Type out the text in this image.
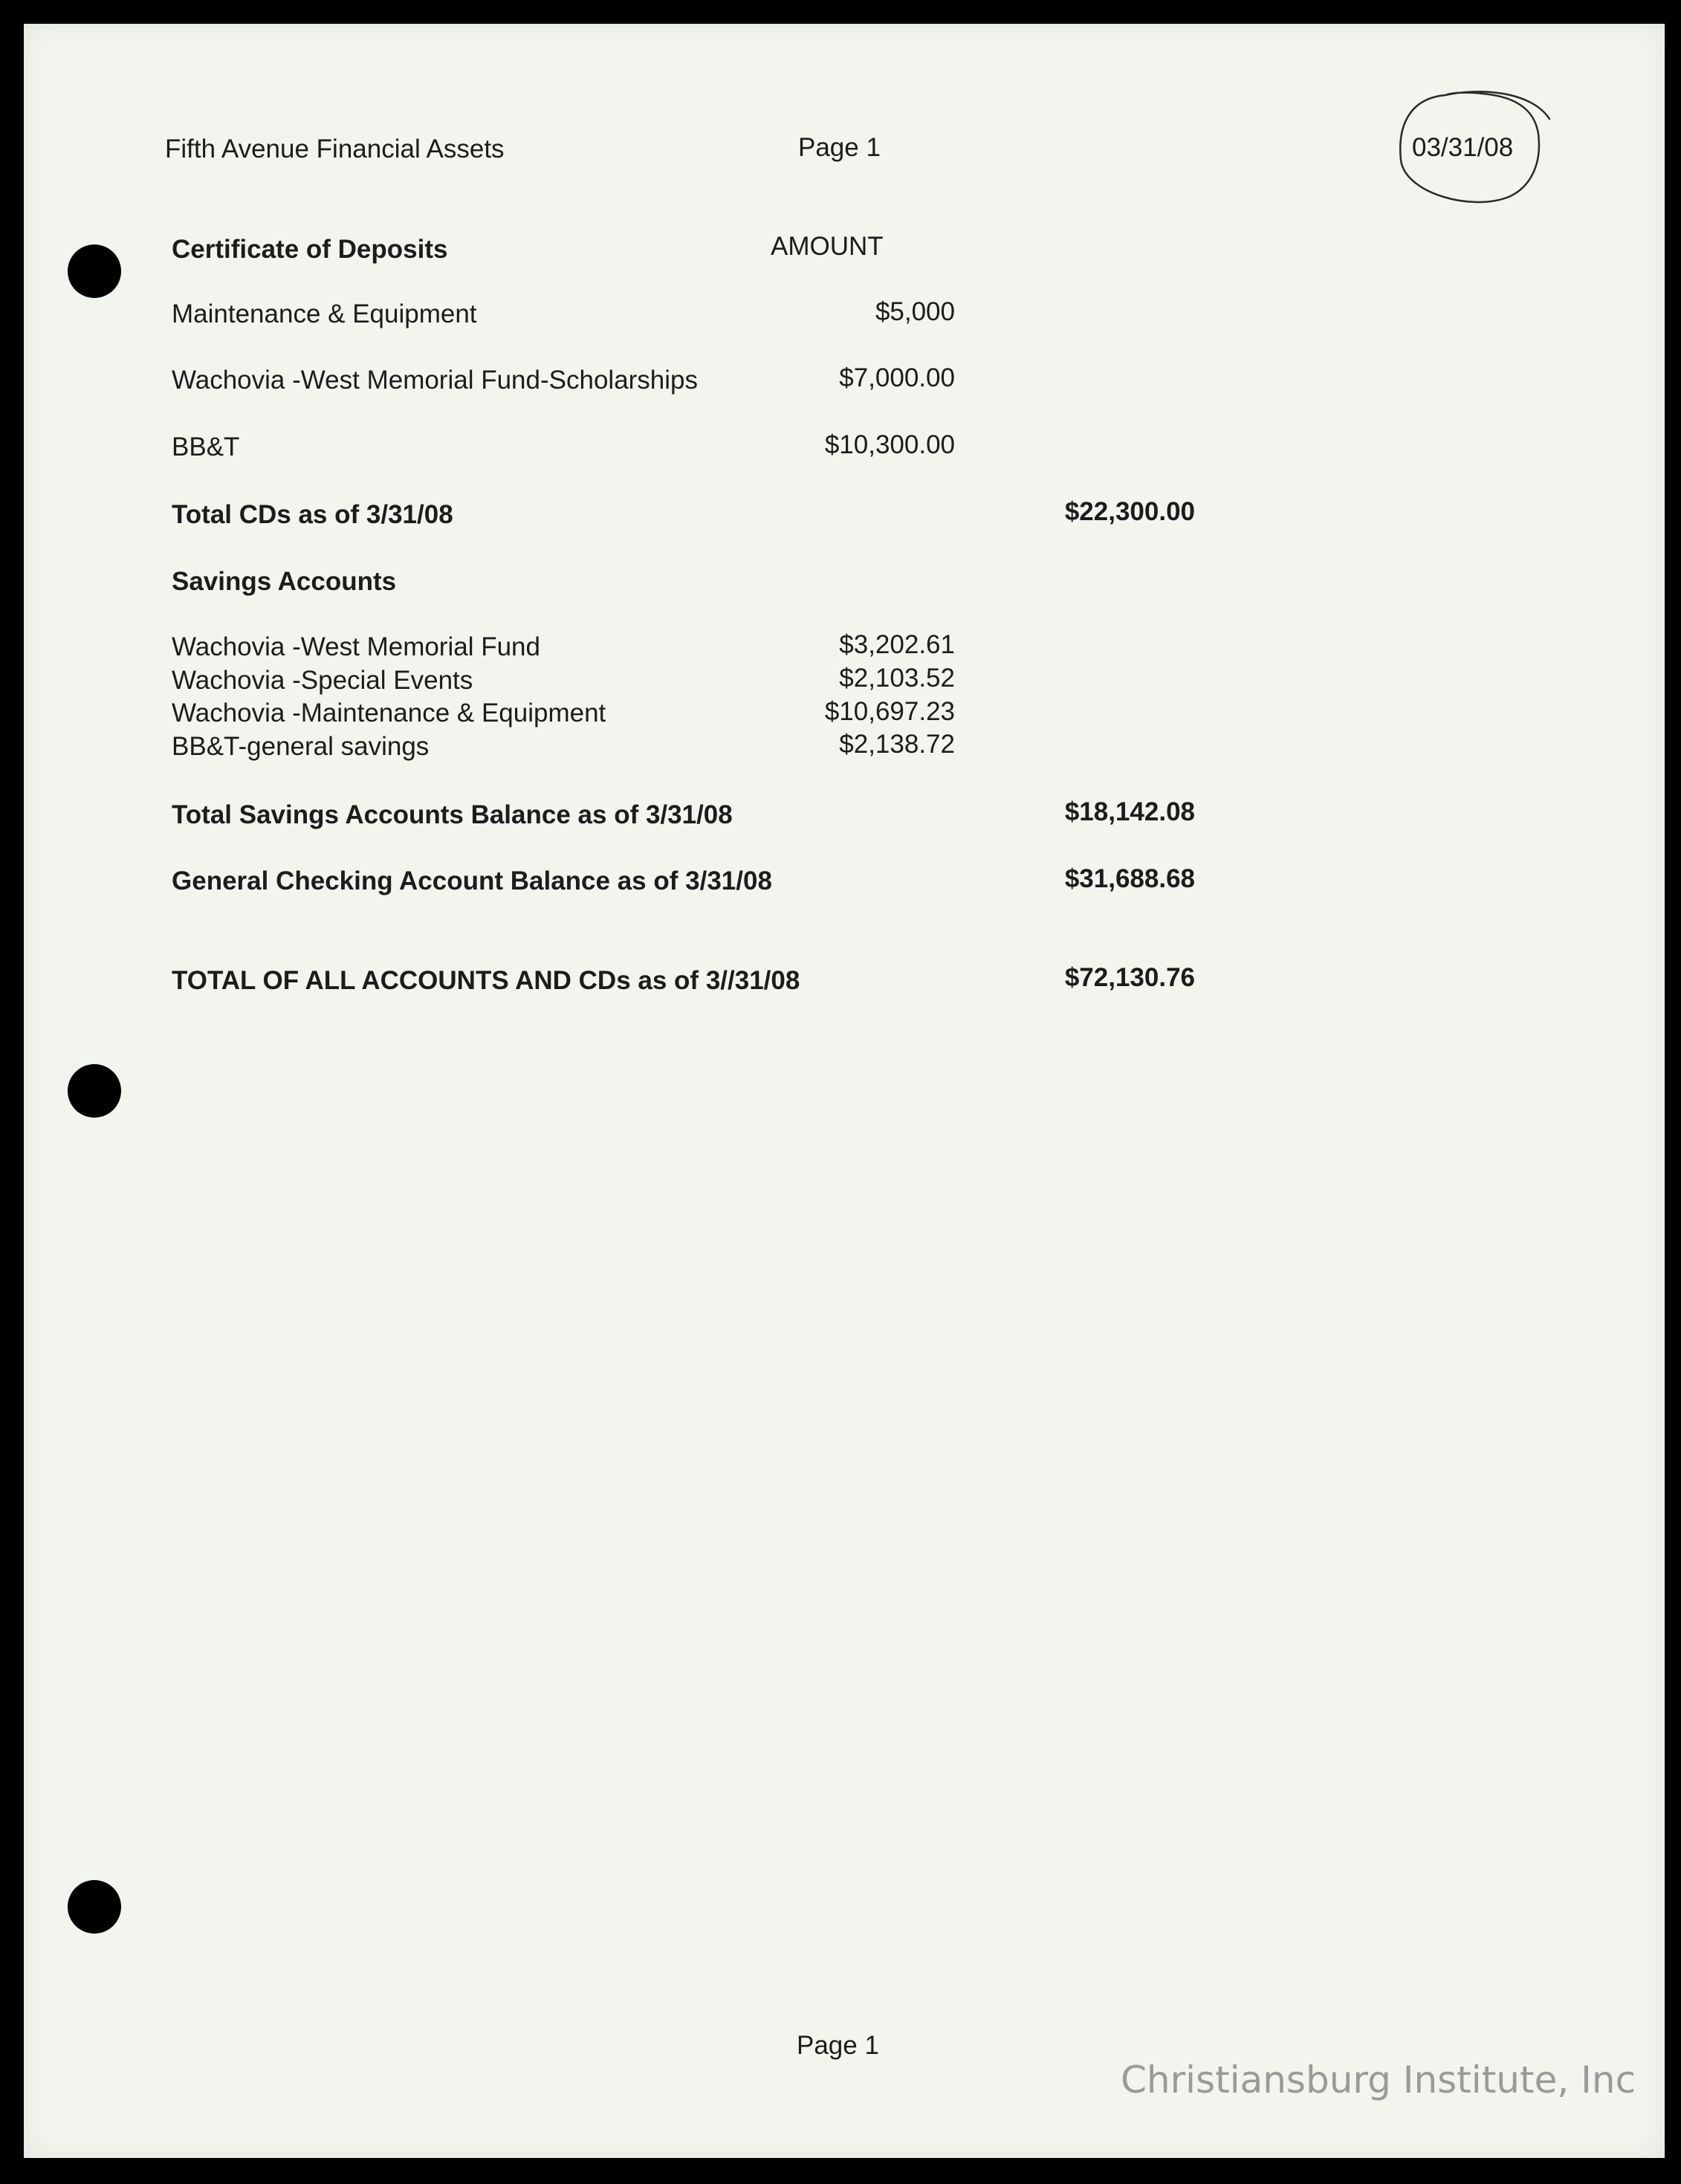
Fifth Avenue Financial Assets	Page 1	03/31/08
Certificate of Deposits	AMOUNT
Maintenance & Equipment	$5,000
Wachovia -West Memorial Fund-Scholarships	$7,000.00
BB&T	$10,300.00
Total CDs as of 3/31/08	$22,300.00
Savings Accounts
Wachovia -West Memorial Fund	$3,202.61
Wachovia -Special Events	$2,103.52
Wachovia -Maintenance & Equipment	$10,697.23
BB&T-general savings	$2,138.72
Total Savings Accounts Balance as of 3/31/08	$18,142.08
General Checking Account Balance as of 3/31/08	$31,688.68
TOTAL OF ALL ACCOUNTS AND CDs as of 3//31/08	$72,130.76
Page 1
Christiansburg Institute, Inc
